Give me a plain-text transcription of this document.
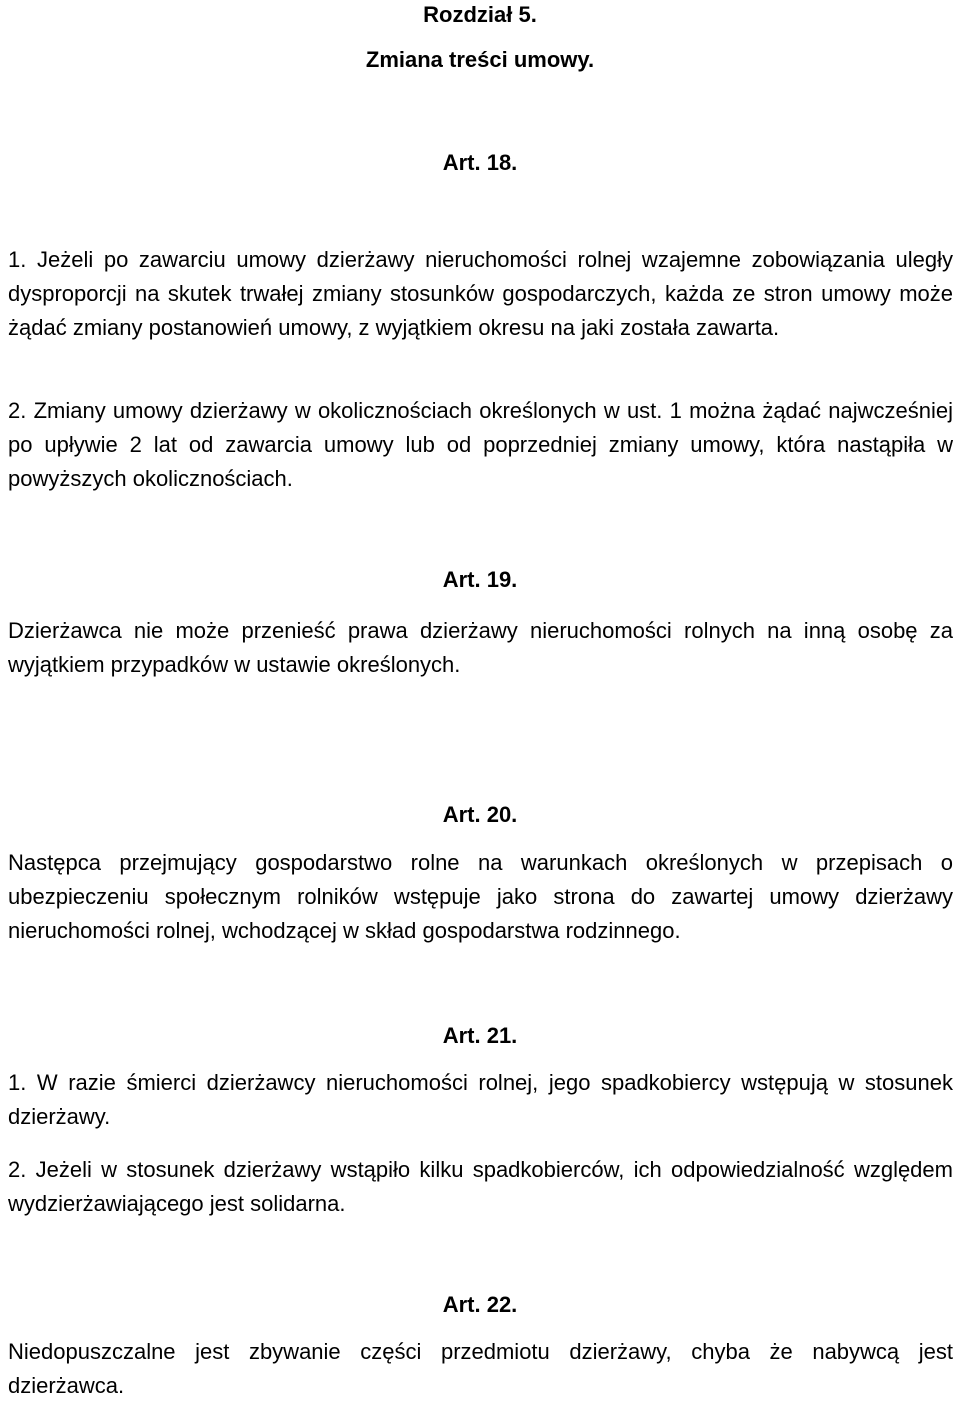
Rozdział 5.
Zmiana treści umowy.
Art. 18.
1. Jeżeli po zawarciu umowy dzierżawy nieruchomości rolnej wzajemne zobowiązania uległy dysproporcji na skutek trwałej zmiany stosunków gospodarczych, każda ze stron umowy może żądać zmiany postanowień umowy, z wyjątkiem okresu na jaki została zawarta.
2. Zmiany umowy dzierżawy w okolicznościach określonych w ust. 1 można żądać najwcześniej po upływie 2 lat od zawarcia umowy lub od poprzedniej zmiany umowy, która nastąpiła w powyższych okolicznościach.
Art. 19.
Dzierżawca nie może przenieść prawa dzierżawy nieruchomości rolnych na inną osobę za wyjątkiem przypadków w ustawie określonych.
Art. 20.
Następca przejmujący gospodarstwo rolne na warunkach określonych w przepisach o ubezpieczeniu społecznym rolników wstępuje jako strona do zawartej umowy dzierżawy nieruchomości rolnej, wchodzącej w skład gospodarstwa rodzinnego.
Art. 21.
1. W razie śmierci dzierżawcy nieruchomości rolnej, jego spadkobiercy wstępują w stosunek dzierżawy.
2. Jeżeli w stosunek dzierżawy wstąpiło kilku spadkobierców, ich odpowiedzialność względem wydzierżawiającego jest solidarna.
Art. 22.
Niedopuszczalne jest zbywanie części przedmiotu dzierżawy, chyba że nabywcą jest dzierżawca.
